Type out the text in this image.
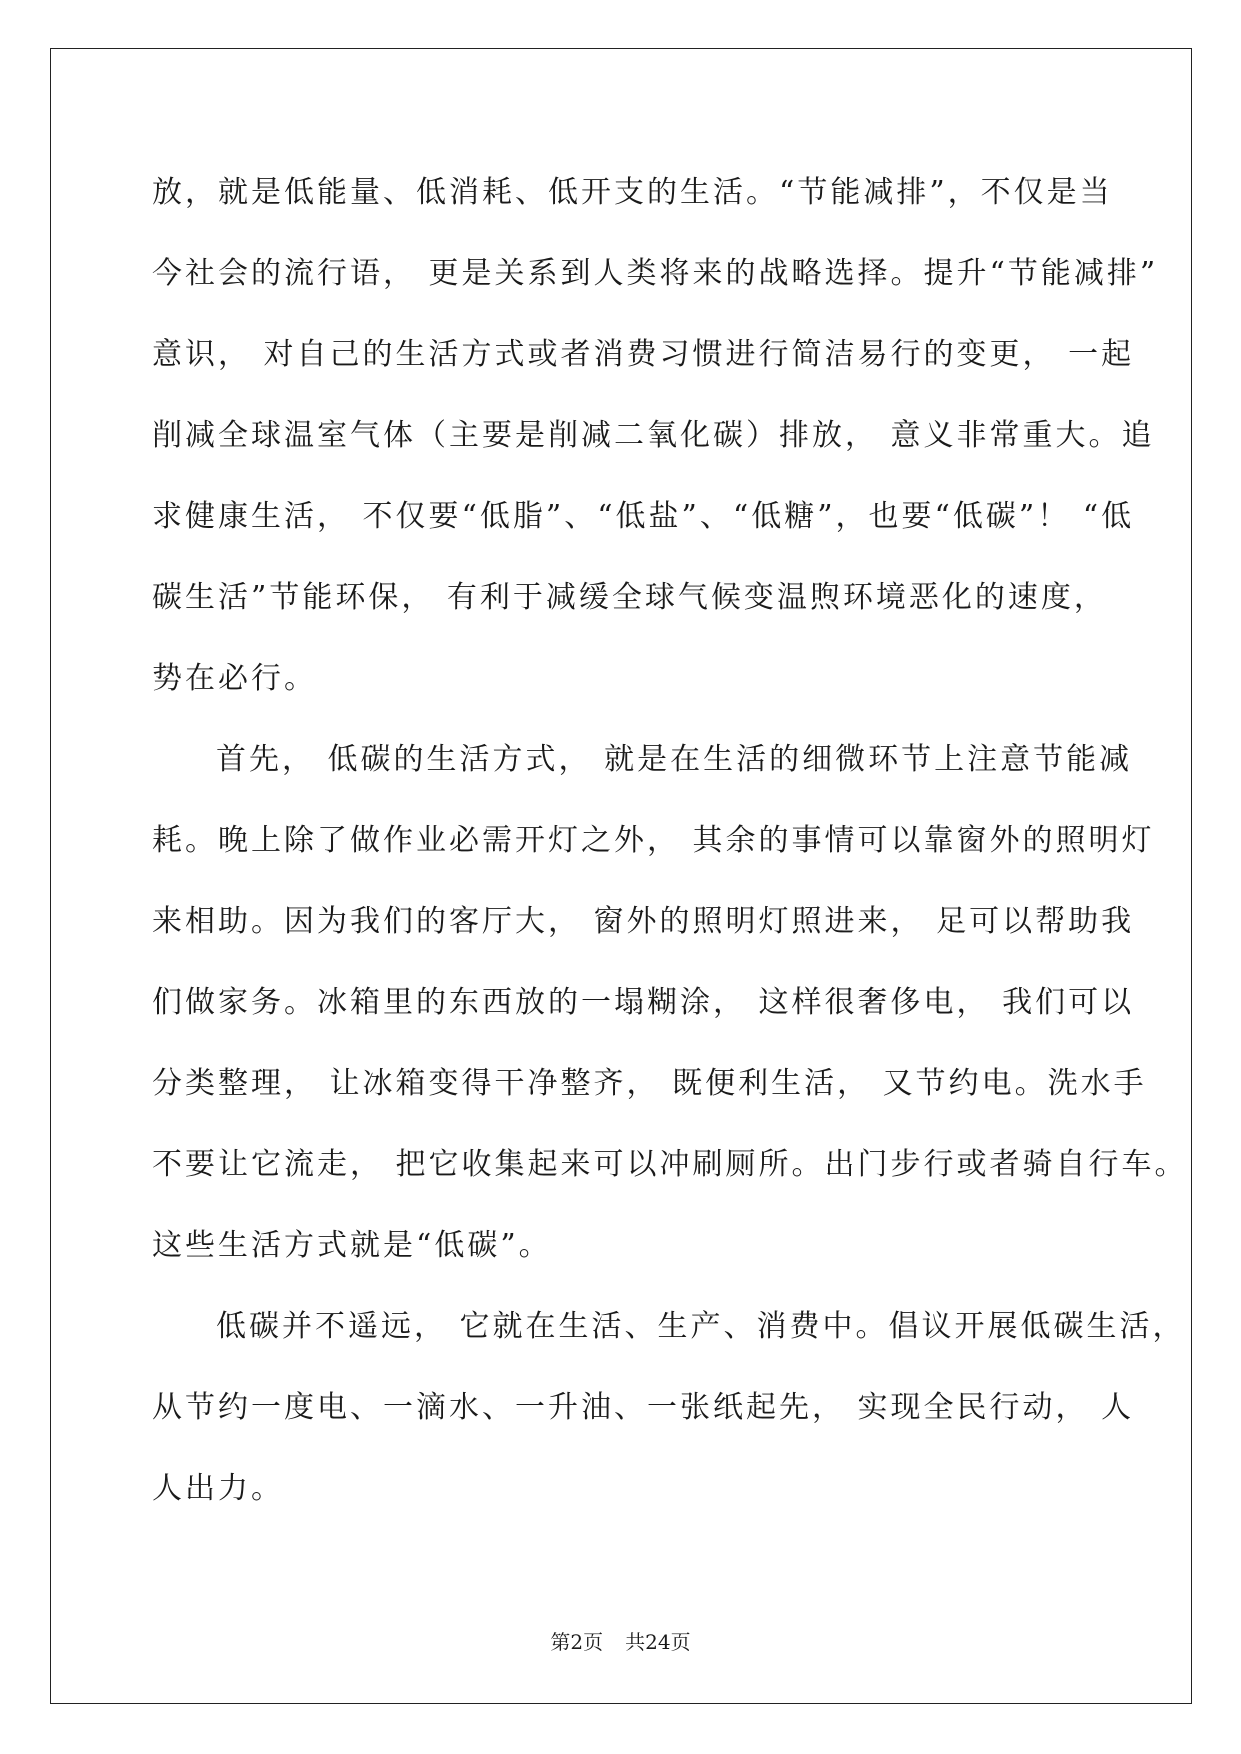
放，就是低能量、低消耗、低开支的生活。“节能减排”，不仅是当
今社会的流行语， 更是关系到人类将来的战略选择。提升“节能减排”
意识， 对自己的生活方式或者消费习惯进行简洁易行的变更， 一起
削减全球温室气体（主要是削减二氧化碳）排放， 意义非常重大。追
求健康生活， 不仅要“低脂”、“低盐”、“低糖”，也要“低碳”！ “低
碳生活”节能环保， 有利于减缓全球气候变温煦环境恶化的速度，
势在必行。
首先， 低碳的生活方式， 就是在生活的细微环节上注意节能减
耗。晚上除了做作业必需开灯之外， 其余的事情可以靠窗外的照明灯
来相助。因为我们的客厅大， 窗外的照明灯照进来， 足可以帮助我
们做家务。冰箱里的东西放的一塌糊涂， 这样很奢侈电， 我们可以
分类整理， 让冰箱变得干净整齐， 既便利生活， 又节约电。洗水手
不要让它流走， 把它收集起来可以冲刷厕所。出门步行或者骑自行车。
这些生活方式就是“低碳”。
低碳并不遥远， 它就在生活、生产、消费中。倡议开展低碳生活，
从节约一度电、一滴水、一升油、一张纸起先， 实现全民行动， 人
人出力。
第2页 共24页
